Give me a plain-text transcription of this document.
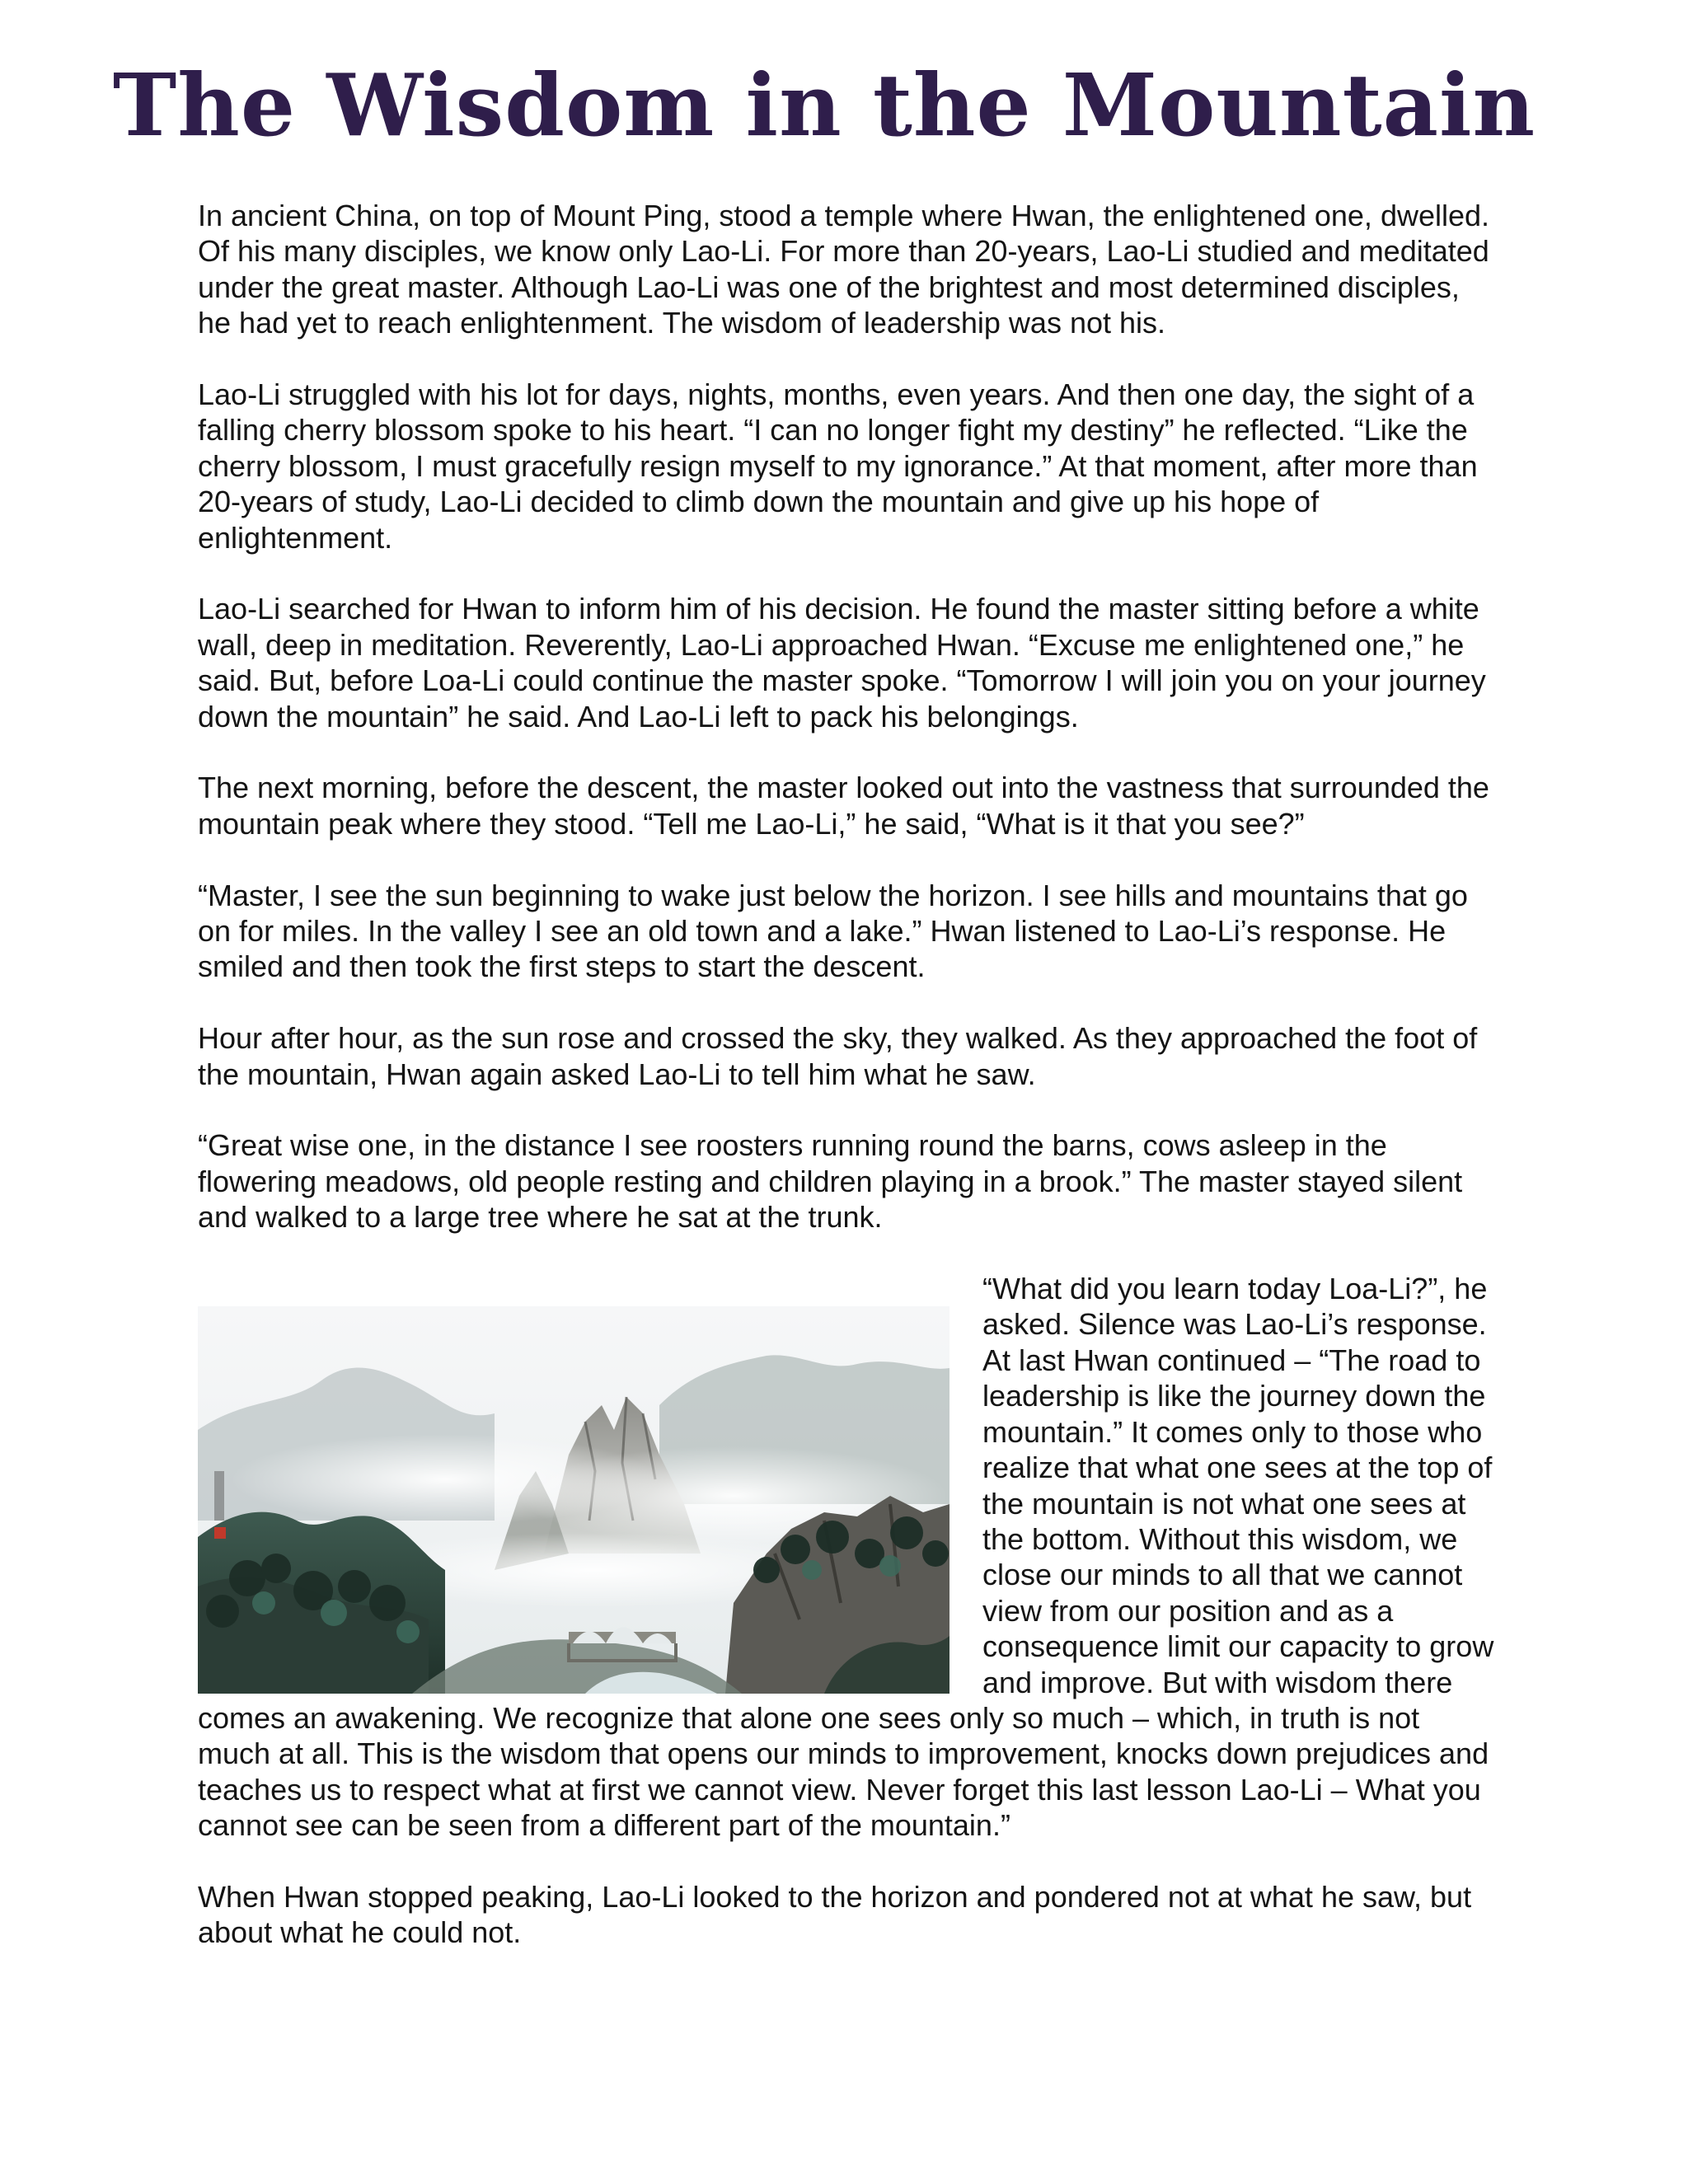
The Wisdom in the Mountain

In ancient China, on top of Mount Ping, stood a temple where Hwan, the enlightened one, dwelled. Of his many disciples, we know only Lao-Li. For more than 20-years, Lao-Li studied and meditated under the great master. Although Lao-Li was one of the brightest and most determined disciples, he had yet to reach enlightenment. The wisdom of leadership was not his.

Lao-Li struggled with his lot for days, nights, months, even years. And then one day, the sight of a falling cherry blossom spoke to his heart. “I can no longer fight my destiny” he reflected. “Like the cherry blossom, I must gracefully resign myself to my ignorance.” At that moment, after more than 20-years of study, Lao-Li decided to climb down the mountain and give up his hope of enlightenment.

Lao-Li searched for Hwan to inform him of his decision. He found the master sitting before a white wall, deep in meditation. Reverently, Lao-Li approached Hwan. “Excuse me enlightened one,” he said. But, before Loa-Li could continue the master spoke. “Tomorrow I will join you on your journey down the mountain” he said. And Lao-Li left to pack his belongings.

The next morning, before the descent, the master looked out into the vastness that surrounded the mountain peak where they stood. “Tell me Lao-Li,” he said, “What is it that you see?”

“Master, I see the sun beginning to wake just below the horizon. I see hills and mountains that go on for miles. In the valley I see an old town and a lake.” Hwan listened to Lao-Li’s response. He smiled and then took the first steps to start the descent.

Hour after hour, as the sun rose and crossed the sky, they walked. As they approached the foot of the mountain, Hwan again asked Lao-Li to tell him what he saw.

“Great wise one, in the distance I see roosters running round the barns, cows asleep in the flowering meadows, old people resting and children playing in a brook.” The master stayed silent and walked to a large tree where he sat at the trunk.

“What did you learn today Loa-Li?”, he asked. Silence was Lao-Li’s response. At last Hwan continued – “The road to leadership is like the journey down the mountain.” It comes only to those who realize that what one sees at the top of the mountain is not what one sees at the bottom. Without this wisdom, we close our minds to all that we cannot view from our position and as a consequence limit our capacity to grow and improve. But with wisdom there comes an awakening. We recognize that alone one sees only so much – which, in truth is not much at all. This is the wisdom that opens our minds to improvement, knocks down prejudices and teaches us to respect what at first we cannot view. Never forget this last lesson Lao-Li – What you cannot see can be seen from a different part of the mountain.”

When Hwan stopped peaking, Lao-Li looked to the horizon and pondered not at what he saw, but about what he could not.
